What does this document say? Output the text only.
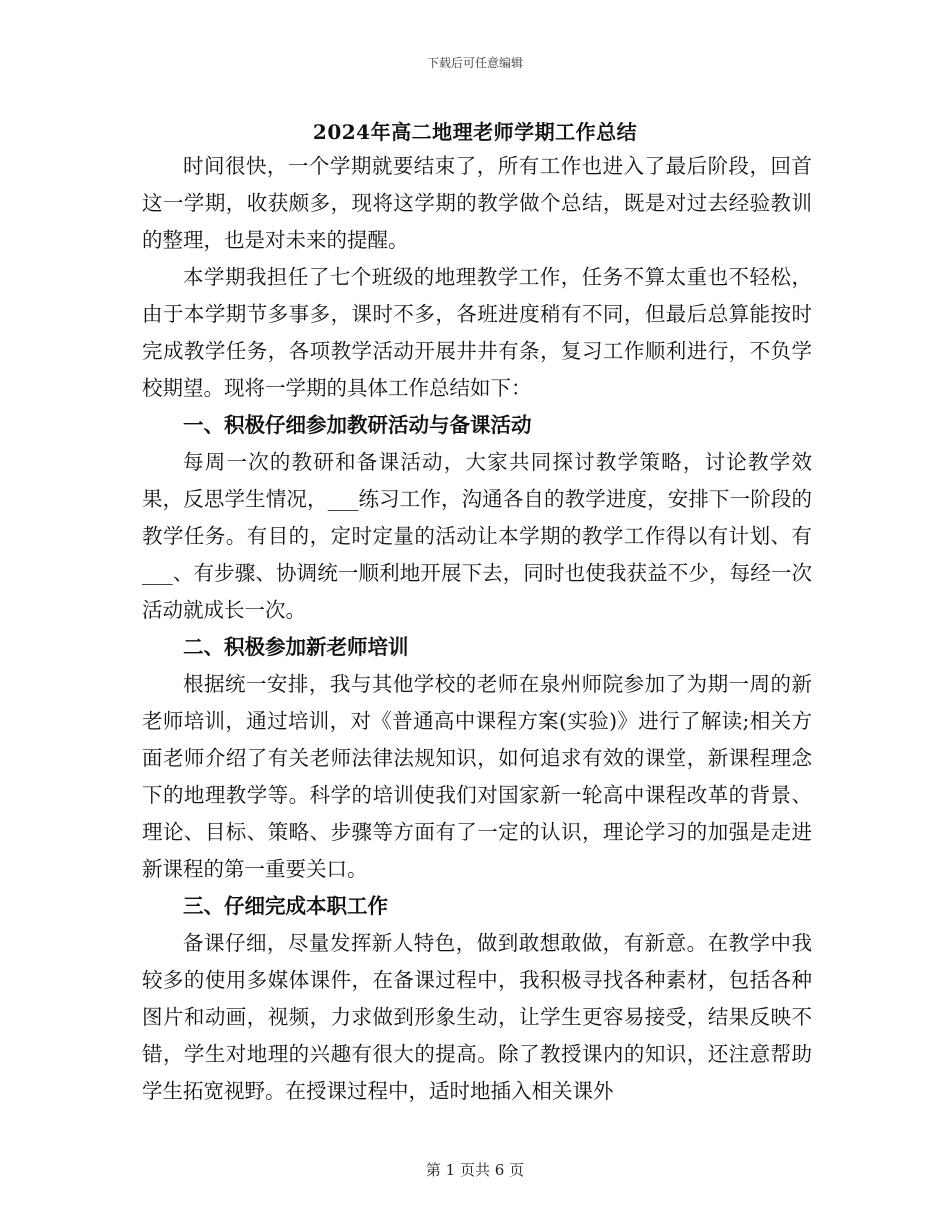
下载后可任意编辑
2024年高二地理老师学期工作总结

时间很快，一个学期就要结束了，所有工作也进入了最后阶段，回首这一学期，收获颇多，现将这学期的教学做个总结，既是对过去经验教训的整理，也是对未来的提醒。

本学期我担任了七个班级的地理教学工作，任务不算太重也不轻松，由于本学期节多事多，课时不多，各班进度稍有不同，但最后总算能按时完成教学任务，各项教学活动开展井井有条，复习工作顺利进行，不负学校期望。现将一学期的具体工作总结如下：

一、积极仔细参加教研活动与备课活动

每周一次的教研和备课活动，大家共同探讨教学策略，讨论教学效果，反思学生情况，___练习工作，沟通各自的教学进度，安排下一阶段的教学任务。有目的，定时定量的活动让本学期的教学工作得以有计划、有___、有步骤、协调统一顺利地开展下去，同时也使我获益不少，每经一次活动就成长一次。

二、积极参加新老师培训

根据统一安排，我与其他学校的老师在泉州师院参加了为期一周的新老师培训，通过培训，对《普通高中课程方案(实验)》进行了解读;相关方面老师介绍了有关老师法律法规知识，如何追求有效的课堂，新课程理念下的地理教学等。科学的培训使我们对国家新一轮高中课程改革的背景、理论、目标、策略、步骤等方面有了一定的认识，理论学习的加强是走进新课程的第一重要关口。

三、仔细完成本职工作

备课仔细，尽量发挥新人特色，做到敢想敢做，有新意。在教学中我较多的使用多媒体课件，在备课过程中，我积极寻找各种素材，包括各种图片和动画，视频，力求做到形象生动，让学生更容易接受，结果反映不错，学生对地理的兴趣有很大的提高。除了教授课内的知识，还注意帮助学生拓宽视野。在授课过程中，适时地插入相关课外

第 1 页共 6 页
